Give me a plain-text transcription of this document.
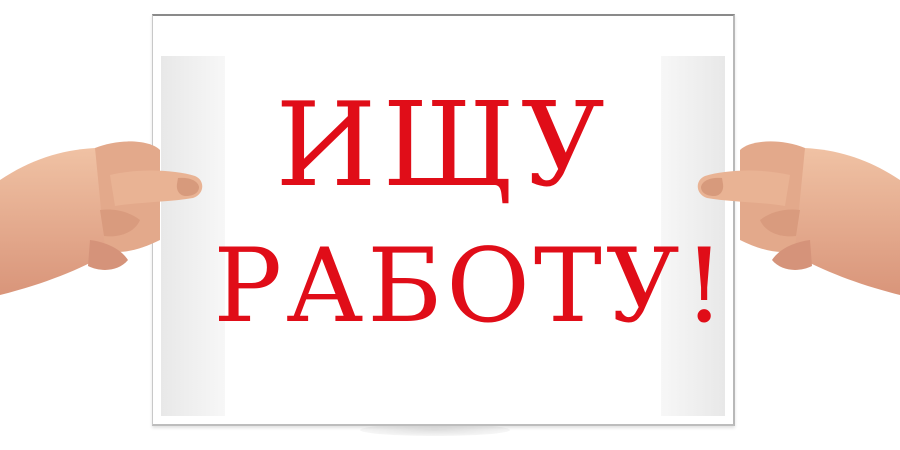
ИЩУ
РАБОТУ!
